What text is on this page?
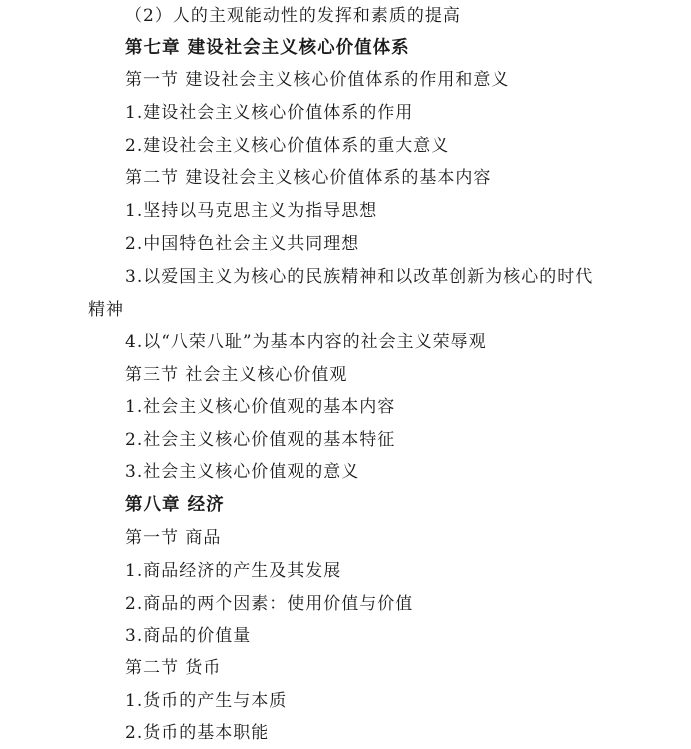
（2）人的主观能动性的发挥和素质的提高
第七章 建设社会主义核心价值体系
第一节 建设社会主义核心价值体系的作用和意义
1.建设社会主义核心价值体系的作用
2.建设社会主义核心价值体系的重大意义
第二节 建设社会主义核心价值体系的基本内容
1.坚持以马克思主义为指导思想
2.中国特色社会主义共同理想
3.以爱国主义为核心的民族精神和以改革创新为核心的时代
精神
4.以“八荣八耻”为基本内容的社会主义荣辱观
第三节 社会主义核心价值观
1.社会主义核心价值观的基本内容
2.社会主义核心价值观的基本特征
3.社会主义核心价值观的意义
第八章 经济
第一节 商品
1.商品经济的产生及其发展
2.商品的两个因素：使用价值与价值
3.商品的价值量
第二节 货币
1.货币的产生与本质
2.货币的基本职能
